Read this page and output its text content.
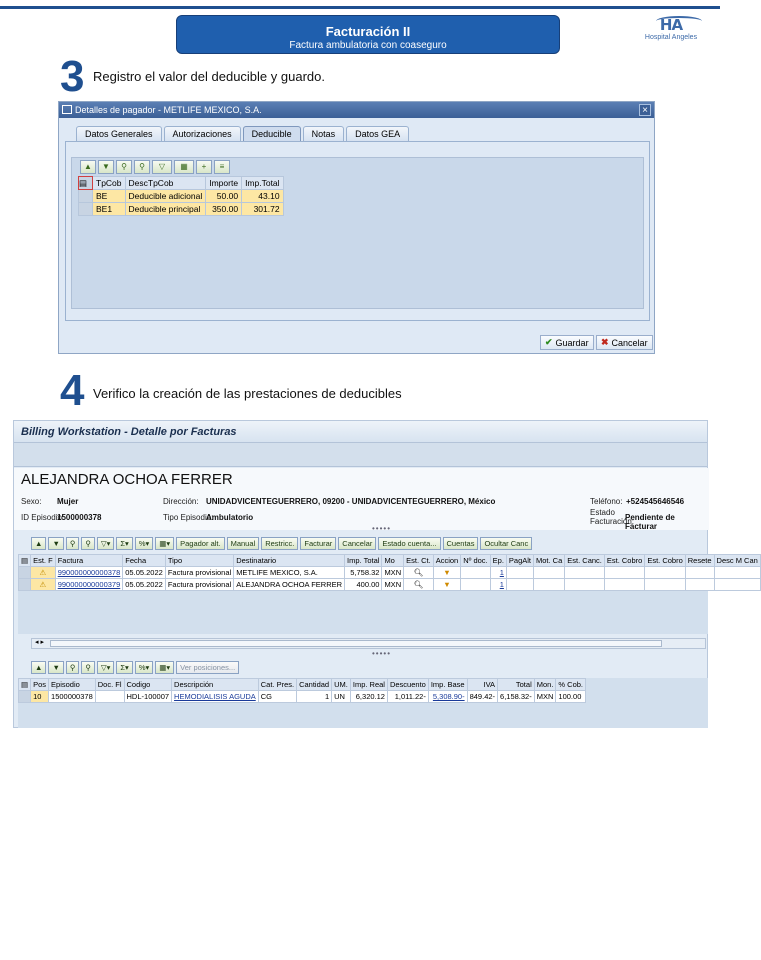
Facturación II
Factura ambulatoria con coaseguro
HA
Hospital Angeles
3 Registro el valor del deducible y guardo.
Detalles de pagador - METLIFE MEXICO, S.A.	×
Datos Generales	Autorizaciones	Deducible	Notas	Datos GEA
▲	▼	⚲	⚲	▽	▦	+	≡
▤	TpCob	DescTpCob	Importe	Imp.Total
	BE	Deducible adicional	50.00	43.10
	BE1	Deducible principal	350.00	301.72
✔ Guardar ✖ Cancelar
4 Verifico la creación de las prestaciones de deducibles
Billing Workstation - Detalle por Facturas
ALEJANDRA OCHOA FERRER
Sexo: Mujer	Dirección: UNIDADVICENTEGUERRERO, 09200 - UNIDADVICENTEGUERRERO, México	Teléfono: +524545646546
ID Episodio:
1500000378	Tipo Episodio:
Ambulatorio
Estado Facturación:
Pendiente de Facturar
•••••
▲	▼	⚲	⚲	▽▾	Σ▾	%▾	▦▾	Pagador alt.	Manual	Restricc.	Facturar	Cancelar	Estado cuenta...	Cuentas	Ocultar Canc
▤	Est. F	Factura	Fecha	Tipo	Destinatario	Imp. Total	Mo	Est. Ct.	Accion	Nº doc.	Ep.	PagAlt	Mot. Ca	Est. Canc.	Est. Cobro	Est. Cobro	Resete	Desc M Can
	⚠	990000000000378	05.05.2022	Factura provisional	METLIFE MEXICO, S.A.	5,758.32	MXN	🔍︎	▼		1							
	⚠	990000000000379	05.05.2022	Factura provisional	ALEJANDRA OCHOA FERRER	400.00	MXN	🔍︎	▼		1							
◂ ▸
•••••
▲	▼	⚲	⚲	▽▾	Σ▾	%▾	▦▾	Ver posiciones...
▤	Pos	Episodio	Doc. Fl	Codigo	Descripción	Cat. Pres.	Cantidad	UM.	Imp. Real	Descuento	Imp. Base	IVA	Total	Mon.	% Cob.
	10	1500000378		HDL-100007	HEMODIALISIS AGUDA	CG	1	UN	6,320.12	1,011.22-	5,308.90-	849.42-	6,158.32-	MXN	100.00
